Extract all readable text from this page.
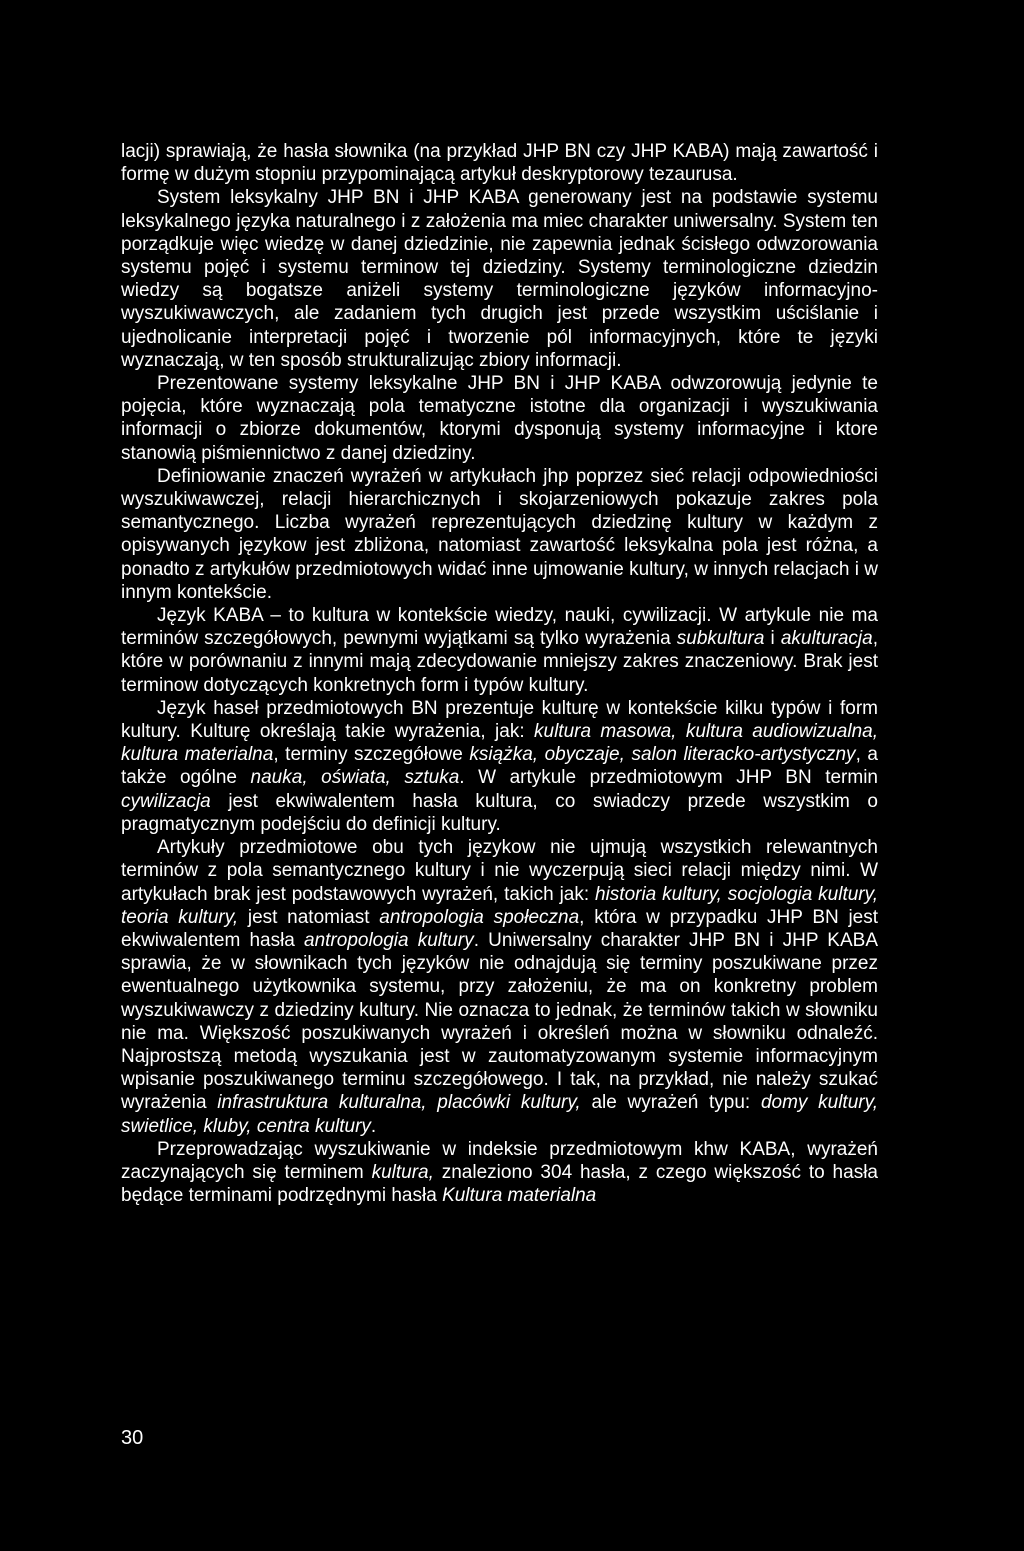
lacji) sprawiają, że hasła słownika (na przykład JHP BN czy JHP KABA) mają zawartość i formę w dużym stopniu przypominającą artykuł deskryptorowy tezaurusa.

System leksykalny JHP BN i JHP KABA generowany jest na podstawie systemu leksykalnego języka naturalnego i z założenia ma miec charakter uniwersalny. System ten porządkuje więc wiedzę w danej dziedzinie, nie zapewnia jednak ścisłego odwzorowania systemu pojęć i systemu terminow tej dziedziny. Systemy terminologiczne dziedzin wiedzy są bogatsze aniżeli systemy terminologiczne języków informacyjno-wyszukiwawczych, ale zadaniem tych drugich jest przede wszystkim uściślanie i ujednolicanie interpretacji pojęć i tworzenie pól informacyjnych, które te języki wyznaczają, w ten sposób strukturalizując zbiory informacji.

Prezentowane systemy leksykalne JHP BN i JHP KABA odwzorowują jedynie te pojęcia, które wyznaczają pola tematyczne istotne dla organizacji i wyszukiwania informacji o zbiorze dokumentów, ktorymi dysponują systemy informacyjne i ktore stanowią piśmiennictwo z danej dziedziny.

Definiowanie znaczeń wyrażeń w artykułach jhp poprzez sieć relacji odpowiedniości wyszukiwawczej, relacji hierarchicznych i skojarzeniowych pokazuje zakres pola semantycznego. Liczba wyrażeń reprezentujących dziedzinę kultury w każdym z opisywanych językow jest zbliżona, natomiast zawartość leksykalna pola jest różna, a ponadto z artykułów przedmiotowych widać inne ujmowanie kultury, w innych relacjach i w innym kontekście.

Język KABA – to kultura w kontekście wiedzy, nauki, cywilizacji. W artykule nie ma terminów szczegółowych, pewnymi wyjątkami są tylko wyrażenia subkultura i akulturacja, które w porównaniu z innymi mają zdecydowanie mniejszy zakres znaczeniowy. Brak jest terminow dotyczących konkretnych form i typów kultury.

Język haseł przedmiotowych BN prezentuje kulturę w kontekście kilku typów i form kultury. Kulturę określają takie wyrażenia, jak: kultura masowa, kultura audiowizualna, kultura materialna, terminy szczegółowe książka, obyczaje, salon literacko-artystyczny, a także ogólne nauka, oświata, sztuka. W artykule przedmiotowym JHP BN termin cywilizacja jest ekwiwalentem hasła kultura, co swiadczy przede wszystkim o pragmatycznym podejściu do definicji kultury.

Artykuły przedmiotowe obu tych językow nie ujmują wszystkich relewantnych terminów z pola semantycznego kultury i nie wyczerpują sieci relacji między nimi. W artykułach brak jest podstawowych wyrażeń, takich jak: historia kultury, socjologia kultury, teoria kultury, jest natomiast antropologia społeczna, która w przypadku JHP BN jest ekwiwalentem hasła antropologia kultury. Uniwersalny charakter JHP BN i JHP KABA sprawia, że w słownikach tych języków nie odnajdują się terminy poszukiwane przez ewentualnego użytkownika systemu, przy założeniu, że ma on konkretny problem wyszukiwawczy z dziedziny kultury. Nie oznacza to jednak, że terminów takich w słowniku nie ma. Większość poszukiwanych wyrażeń i określeń można w słowniku odnaleźć. Najprostszą metodą wyszukania jest w zautomatyzowanym systemie informacyjnym wpisanie poszukiwanego terminu szczegółowego. I tak, na przykład, nie należy szukać wyrażenia infrastruktura kulturalna, placówki kultury, ale wyrażeń typu: domy kultury, swietlice, kluby, centra kultury.

Przeprowadzając wyszukiwanie w indeksie przedmiotowym khw KABA, wyrażeń zaczynających się terminem kultura, znaleziono 304 hasła, z czego większość to hasła będące terminami podrzędnymi hasła Kultura materialna

30
